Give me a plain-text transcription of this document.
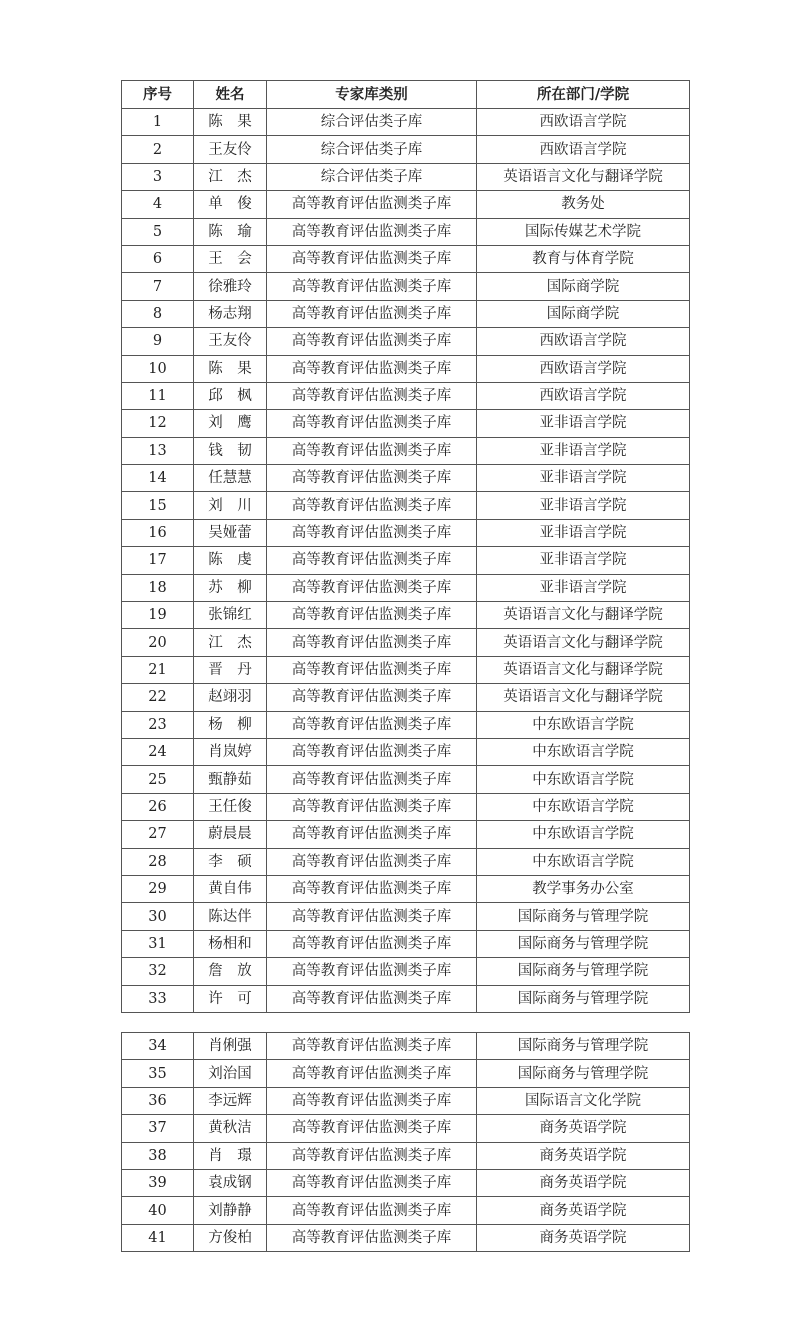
序号	姓名	专家库类别	所在部门/学院
1	陈　果	综合评估类子库	西欧语言学院
2	王友伶	综合评估类子库	西欧语言学院
3	江　杰	综合评估类子库	英语语言文化与翻译学院
4	单　俊	高等教育评估监测类子库	教务处
5	陈　瑜	高等教育评估监测类子库	国际传媒艺术学院
6	王　会	高等教育评估监测类子库	教育与体育学院
7	徐雅玲	高等教育评估监测类子库	国际商学院
8	杨志翔	高等教育评估监测类子库	国际商学院
9	王友伶	高等教育评估监测类子库	西欧语言学院
10	陈　果	高等教育评估监测类子库	西欧语言学院
11	邱　枫	高等教育评估监测类子库	西欧语言学院
12	刘　鹰	高等教育评估监测类子库	亚非语言学院
13	钱　韧	高等教育评估监测类子库	亚非语言学院
14	任慧慧	高等教育评估监测类子库	亚非语言学院
15	刘　川	高等教育评估监测类子库	亚非语言学院
16	吴娅蕾	高等教育评估监测类子库	亚非语言学院
17	陈　虔	高等教育评估监测类子库	亚非语言学院
18	苏　柳	高等教育评估监测类子库	亚非语言学院
19	张锦红	高等教育评估监测类子库	英语语言文化与翻译学院
20	江　杰	高等教育评估监测类子库	英语语言文化与翻译学院
21	晋　丹	高等教育评估监测类子库	英语语言文化与翻译学院
22	赵翊羽	高等教育评估监测类子库	英语语言文化与翻译学院
23	杨　柳	高等教育评估监测类子库	中东欧语言学院
24	肖岚婷	高等教育评估监测类子库	中东欧语言学院
25	甄静茹	高等教育评估监测类子库	中东欧语言学院
26	王任俊	高等教育评估监测类子库	中东欧语言学院
27	蔚晨晨	高等教育评估监测类子库	中东欧语言学院
28	李　硕	高等教育评估监测类子库	中东欧语言学院
29	黄自伟	高等教育评估监测类子库	教学事务办公室
30	陈达伴	高等教育评估监测类子库	国际商务与管理学院
31	杨相和	高等教育评估监测类子库	国际商务与管理学院
32	詹　放	高等教育评估监测类子库	国际商务与管理学院
33	许　可	高等教育评估监测类子库	国际商务与管理学院
34	肖俐强	高等教育评估监测类子库	国际商务与管理学院
35	刘治国	高等教育评估监测类子库	国际商务与管理学院
36	李远辉	高等教育评估监测类子库	国际语言文化学院
37	黄秋洁	高等教育评估监测类子库	商务英语学院
38	肖　璟	高等教育评估监测类子库	商务英语学院
39	袁成钢	高等教育评估监测类子库	商务英语学院
40	刘静静	高等教育评估监测类子库	商务英语学院
41	方俊柏	高等教育评估监测类子库	商务英语学院
